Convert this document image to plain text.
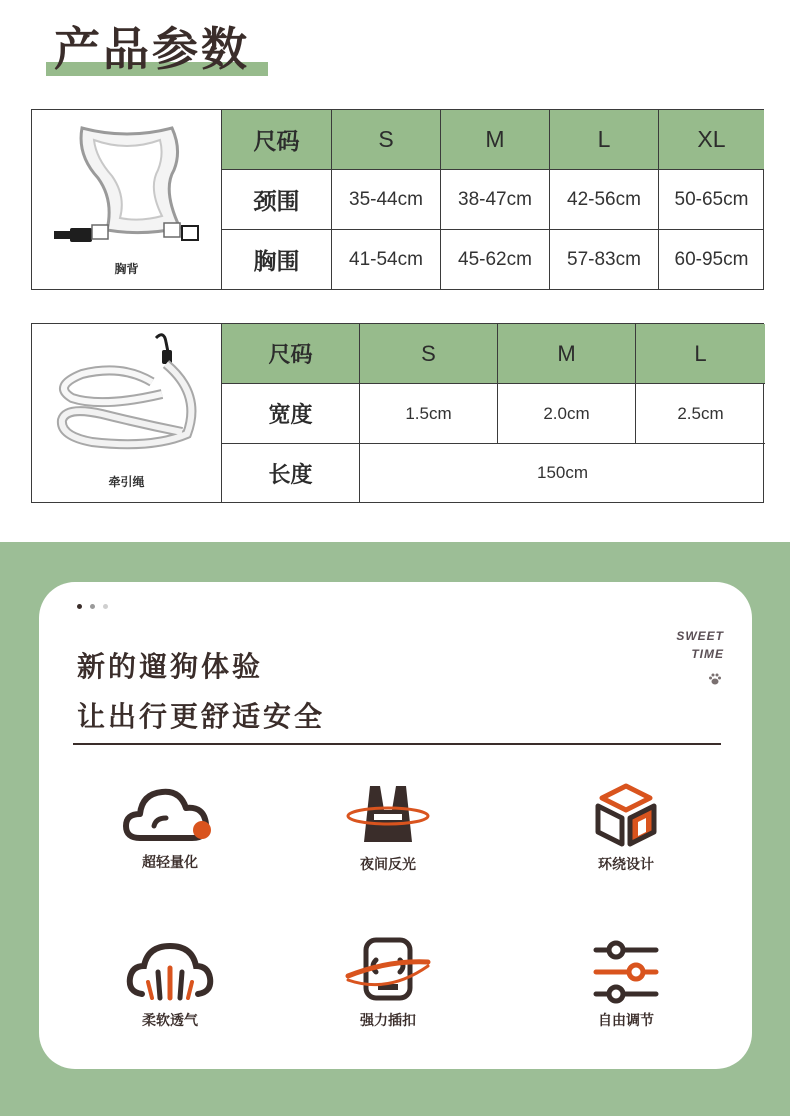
产品参数
胸背
尺码	S	M	L	XL
颈围	35-44cm	38-47cm	42-56cm	50-65cm
胸围	41-54cm	45-62cm	57-83cm	60-95cm
牵引绳
尺码	S	M	L
宽度	1.5cm	2.0cm	2.5cm
长度	150cm
新的遛狗体验
让出行更舒适安全
SWEET
TIME
超轻量化	夜间反光	环绕设计
柔软透气	强力插扣	自由调节
